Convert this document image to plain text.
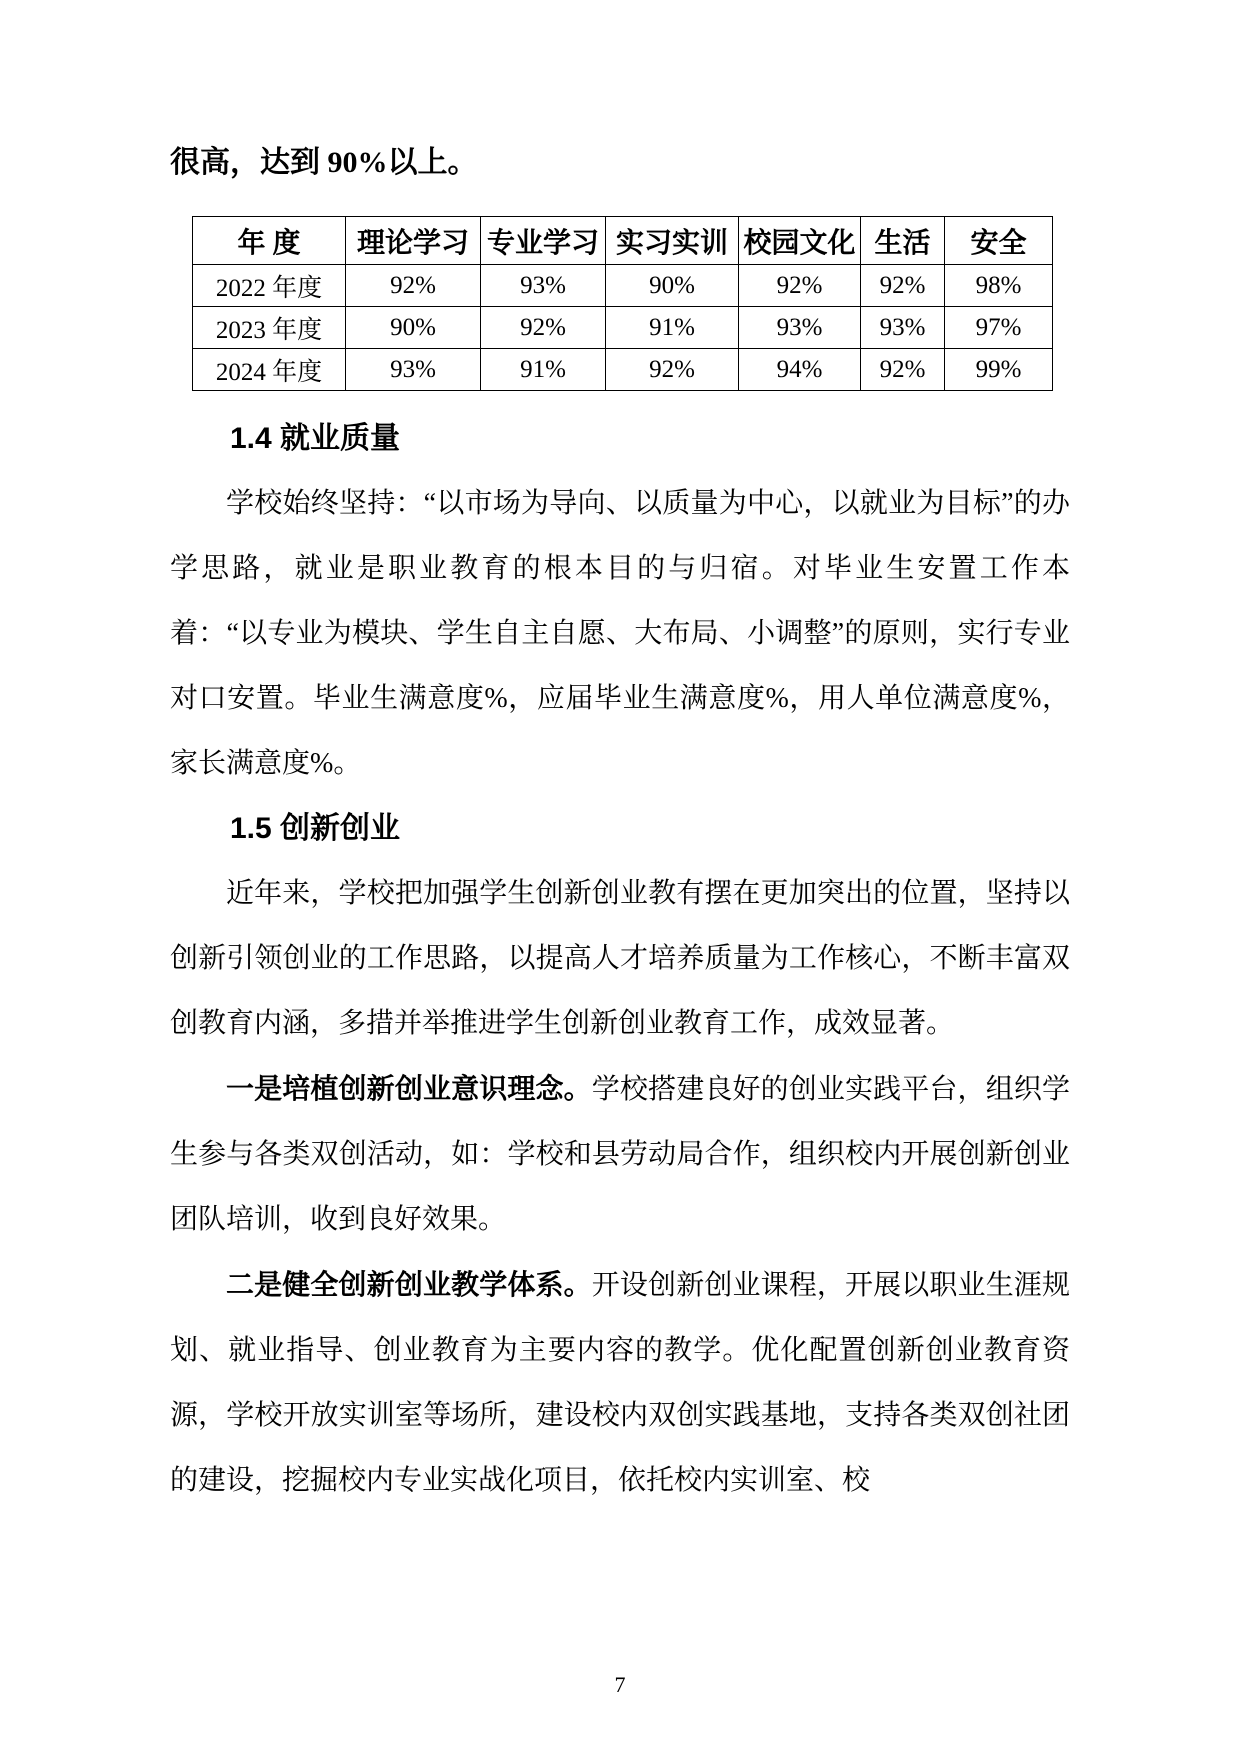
很高，达到 90%以上。
年 度	理论学习	专业学习	实习实训	校园文化	生活	安全
2022 年度	92%	93%	90%	92%	92%	98%
2023 年度	90%	92%	91%	93%	93%	97%
2024 年度	93%	91%	92%	94%	92%	99%
1.4 就业质量

学校始终坚持：“以市场为导向、以质量为中心，以就业为目标”的办学思路，就业是职业教育的根本目的与归宿。对毕业生安置工作本着：“以专业为模块、学生自主自愿、大布局、小调整”的原则，实行专业对口安置。毕业生满意度%，应届毕业生满意度%，用人单位满意度%，家长满意度%。

1.5 创新创业

近年来，学校把加强学生创新创业教有摆在更加突出的位置，坚持以创新引领创业的工作思路，以提高人才培养质量为工作核心，不断丰富双创教育内涵，多措并举推进学生创新创业教育工作，成效显著。

一是培植创新创业意识理念。学校搭建良好的创业实践平台，组织学生参与各类双创活动，如：学校和县劳动局合作，组织校内开展创新创业团队培训，收到良好效果。

二是健全创新创业教学体系。开设创新创业课程，开展以职业生涯规划、就业指导、创业教育为主要内容的教学。优化配置创新创业教育资源，学校开放实训室等场所，建设校内双创实践基地，支持各类双创社团的建设，挖掘校内专业实战化项目，依托校内实训室、校

7
